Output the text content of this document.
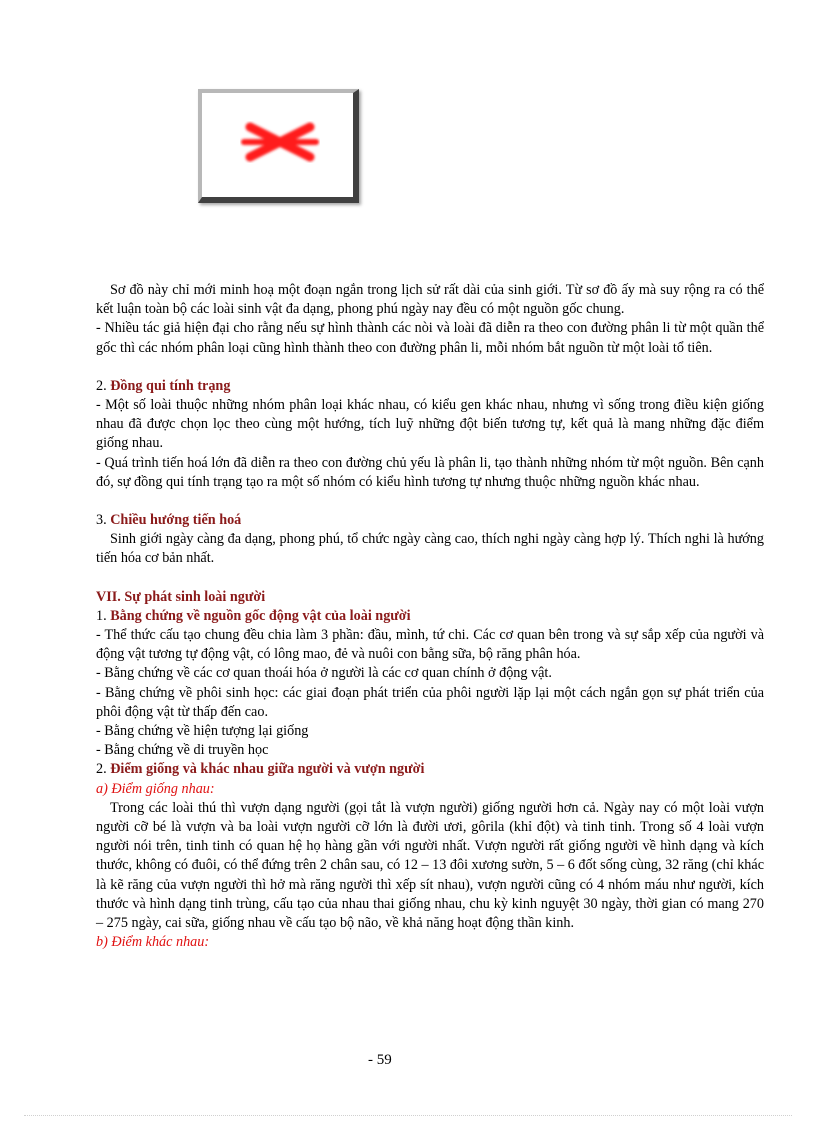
Sơ đồ này chỉ mới minh hoạ một đoạn ngắn trong lịch sử rất dài của sinh giới. Từ sơ đồ ấy mà suy rộng ra có thể kết luận toàn bộ các loài sinh vật đa dạng, phong phú ngày nay đều có một nguồn gốc chung.

- Nhiều tác giả hiện đại cho rằng nếu sự hình thành các nòi và loài đã diễn ra theo con đường phân li từ một quần thể gốc thì các nhóm phân loại cũng hình thành theo con đường phân li, mỗi nhóm bắt nguồn từ một loài tổ tiên.

2. Đồng qui tính trạng

- Một số loài thuộc những nhóm phân loại khác nhau, có kiểu gen khác nhau, nhưng vì sống trong điều kiện giống nhau đã được chọn lọc theo cùng một hướng, tích luỹ những đột biến tương tự, kết quả là mang những đặc điểm giống nhau.

- Quá trình tiến hoá lớn đã diễn ra theo con đường chủ yếu là phân li, tạo thành những nhóm từ một nguồn. Bên cạnh đó, sự đồng qui tính trạng tạo ra một số nhóm có kiểu hình tương tự nhưng thuộc những nguồn khác nhau.

3. Chiều hướng tiến hoá

Sinh giới ngày càng đa dạng, phong phú, tổ chức ngày càng cao, thích nghi ngày càng hợp lý. Thích nghi là hướng tiến hóa cơ bản nhất.

VII. Sự phát sinh loài người

1. Bằng chứng về nguồn gốc động vật của loài người

- Thể thức cấu tạo chung đều chia làm 3 phần: đầu, mình, tứ chi. Các cơ quan bên trong và sự sắp xếp của người và động vật tương tự động vật, có lông mao, đẻ và nuôi con bằng sữa, bộ răng phân hóa.

- Bằng chứng về các cơ quan thoái hóa ở người là các cơ quan chính ở động vật.

- Bằng chứng về phôi sinh học: các giai đoạn phát triển của phôi người lặp lại một cách ngắn gọn sự phát triển của phôi động vật từ thấp đến cao.

- Bằng chứng về hiện tượng lại giống

- Bằng chứng về di truyền học

2. Điểm giống và khác nhau giữa người và vượn người

a) Điểm giống nhau:

Trong các loài thú thì vượn dạng người (gọi tắt là vượn người) giống người hơn cả. Ngày nay có một loài vượn người cỡ bé là vượn và ba loài vượn người cỡ lớn là đười ươi, gôrila (khỉ đột) và tinh tinh. Trong số 4 loài vượn người nói trên, tinh tinh có quan hệ họ hàng gần với người nhất. Vượn người rất giống người về hình dạng và kích thước, không có đuôi, có thể đứng trên 2 chân sau, có 12 – 13 đôi xương sườn, 5 – 6 đốt sống cùng, 32 răng (chỉ khác là kẽ răng của vượn người thì hở mà răng người thì xếp sít nhau), vượn người cũng có 4 nhóm máu như người, kích thước và hình dạng tinh trùng, cấu tạo của nhau thai giống nhau, chu kỳ kinh nguyệt 30 ngày, thời gian có mang 270 – 275 ngày, cai sữa, giống nhau về cấu tạo bộ não, về khả năng hoạt động thần kinh.

b) Điểm khác nhau:

- 59
